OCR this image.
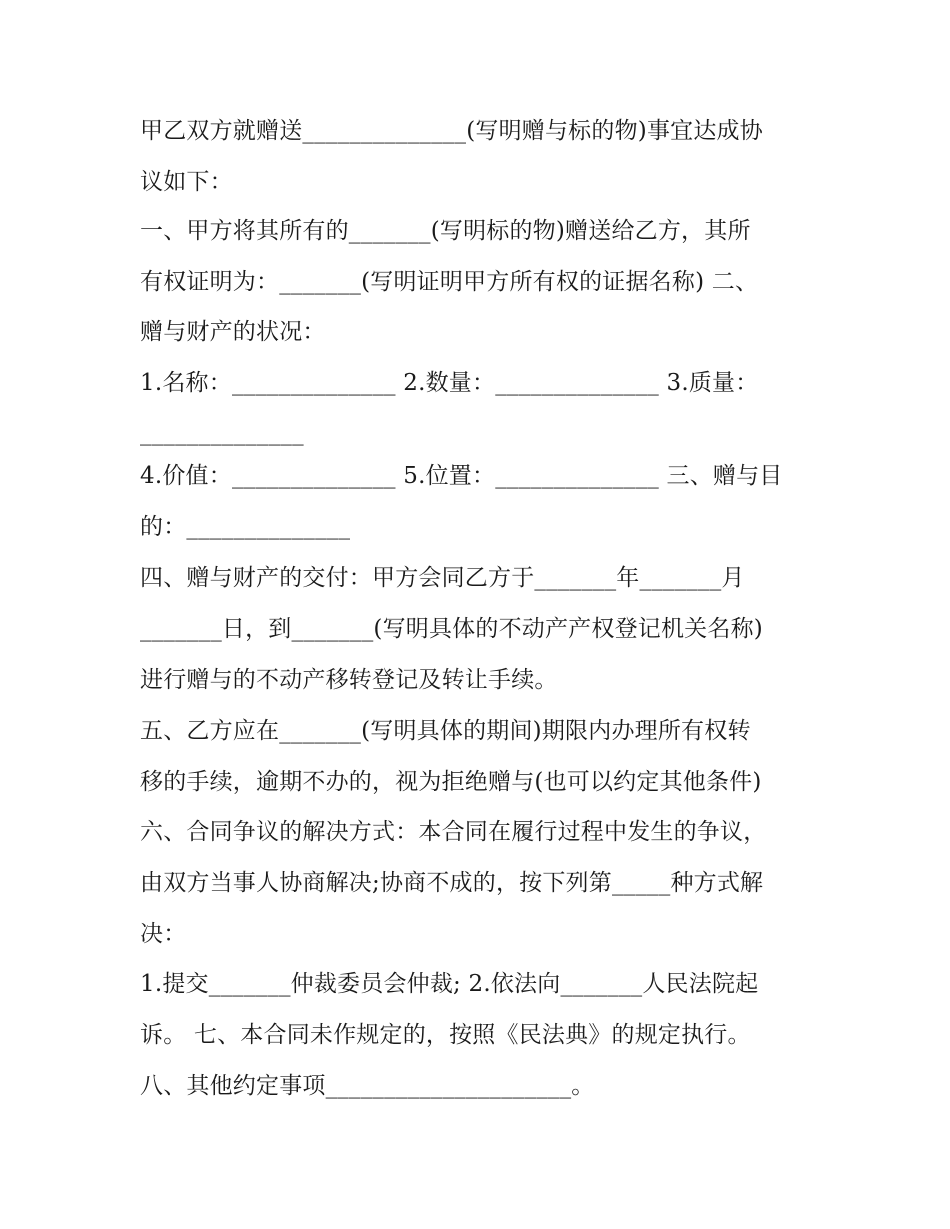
甲乙双方就赠送______________(写明赠与标的物)事宜达成协
议如下：
一、甲方将其所有的_______(写明标的物)赠送给乙方，其所
有权证明为：_______(写明证明甲方所有权的证据名称) 二、
赠与财产的状况：
1.名称：______________ 2.数量：______________ 3.质量：
______________
4.价值：______________ 5.位置：______________ 三、赠与目
的：______________
四、赠与财产的交付：甲方会同乙方于_______年_______月
_______日，到_______(写明具体的不动产产权登记机关名称)
进行赠与的不动产移转登记及转让手续。
五、乙方应在_______(写明具体的期间)期限内办理所有权转
移的手续，逾期不办的，视为拒绝赠与(也可以约定其他条件)
六、合同争议的解决方式：本合同在履行过程中发生的争议，
由双方当事人协商解决;协商不成的，按下列第_____种方式解
决：
1.提交_______仲裁委员会仲裁; 2.依法向_______人民法院起
诉。 七、本合同未作规定的，按照《民法典》的规定执行。
八、其他约定事项_____________________。
